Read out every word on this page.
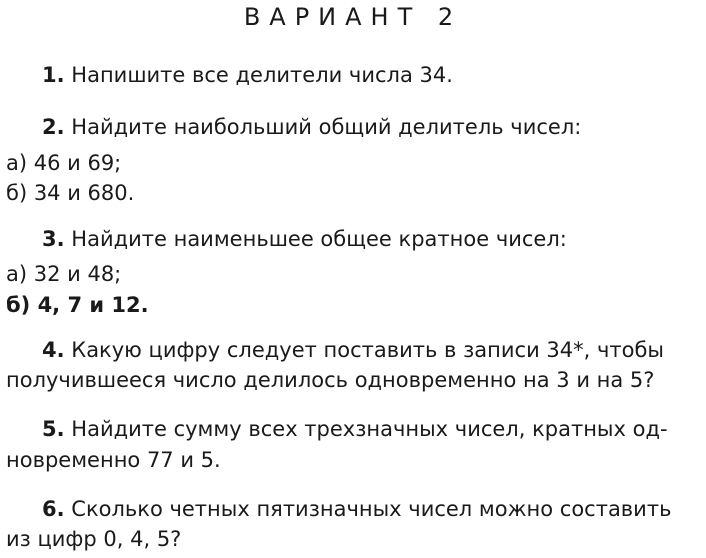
ВАРИАНТ 2
1. Напишите все делители числа 34.
2. Найдите наибольший общий делитель чисел:
а) 46 и 69;
б) 34 и 680.
3. Найдите наименьшее общее кратное чисел:
а) 32 и 48;
б) 4, 7 и 12.
4. Какую цифру следует поставить в записи 34*, чтобы
получившееся число делилось одновременно на 3 и на 5?
5. Найдите сумму всех трехзначных чисел, кратных од-
новременно 77 и 5.
6. Сколько четных пятизначных чисел можно составить
из цифр 0, 4, 5?
